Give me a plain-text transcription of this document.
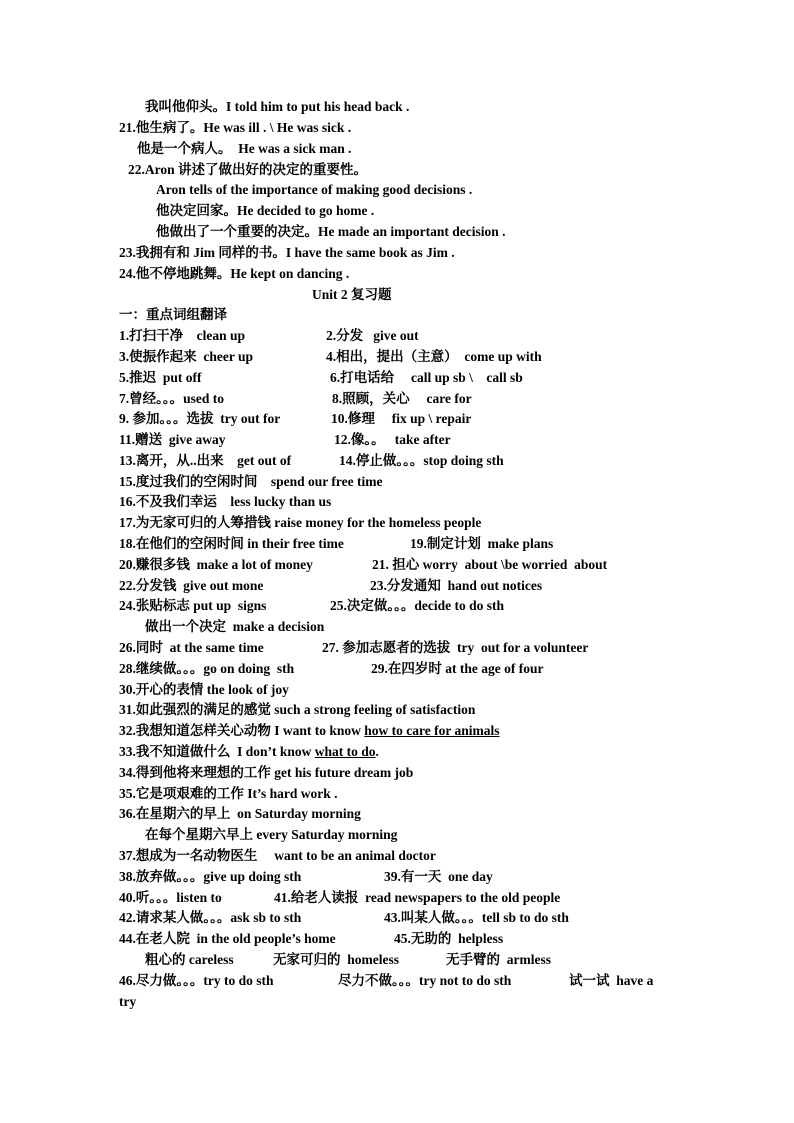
我叫他仰头。I told him to put his head back .
21.他生病了。He was ill . \ He was sick .
他是一个病人。  He was a sick man .
22.Aron 讲述了做出好的决定的重要性。
Aron tells of the importance of making good decisions .
他决定回家。He decided to go home .
他做出了一个重要的决定。He made an important decision .
23.我拥有和 Jim 同样的书。I have the same book as Jim .
24.他不停地跳舞。He kept on dancing .
Unit 2 复习题
一：重点词组翻译
1.打扫干净    clean up	2.分发   give out
3.使振作起来  cheer up	4.相出，提出（主意）  come up with
5.推迟  put off	6.打电话给     call up sb \    call sb
7.曾经。。。used to	8.照顾，关心     care for
9. 参加。。。选拔  try out for	10.修理     fix up \ repair
11.赠送  give away	12.像。。   take after
13.离开，从..出来    get out of	14.停止做。。。stop doing sth
15.度过我们的空闲时间    spend our free time
16.不及我们幸运    less lucky than us
17.为无家可归的人筹措钱 raise money for the homeless people
18.在他们的空闲时间 in their free time	19.制定计划  make plans
20.赚很多钱  make a lot of money	21. 担心 worry  about \be worried  about
22.分发钱  give out mone	23.分发通知  hand out notices
24.张贴标志 put up  signs	25.决定做。。。decide to do sth
做出一个决定  make a decision
26.同时  at the same time	27. 参加志愿者的选拔  try  out for a volunteer
28.继续做。。。go on doing  sth	29.在四岁时 at the age of four
30.开心的表情 the look of joy
31.如此强烈的满足的感觉 such a strong feeling of satisfaction
32.我想知道怎样关心动物 I want to know how to care for animals
33.我不知道做什么  I don’t know what to do.
34.得到他将来理想的工作 get his future dream job
35.它是项艰难的工作 It’s hard work .
36.在星期六的早上  on Saturday morning
在每个星期六早上 every Saturday morning
37.想成为一名动物医生     want to be an animal doctor
38.放弃做。。。give up doing sth	39.有一天  one day
40.听。。。listen to	41.给老人读报  read newspapers to the old people
42.请求某人做。。。ask sb to sth	43.叫某人做。。。tell sb to do sth
44.在老人院  in the old people’s home	45.无助的  helpless
粗心的 careless	无家可归的  homeless	无手臂的  armless
46.尽力做。。。try to do sth	尽力不做。。。try not to do sth	试一试  have a
try
